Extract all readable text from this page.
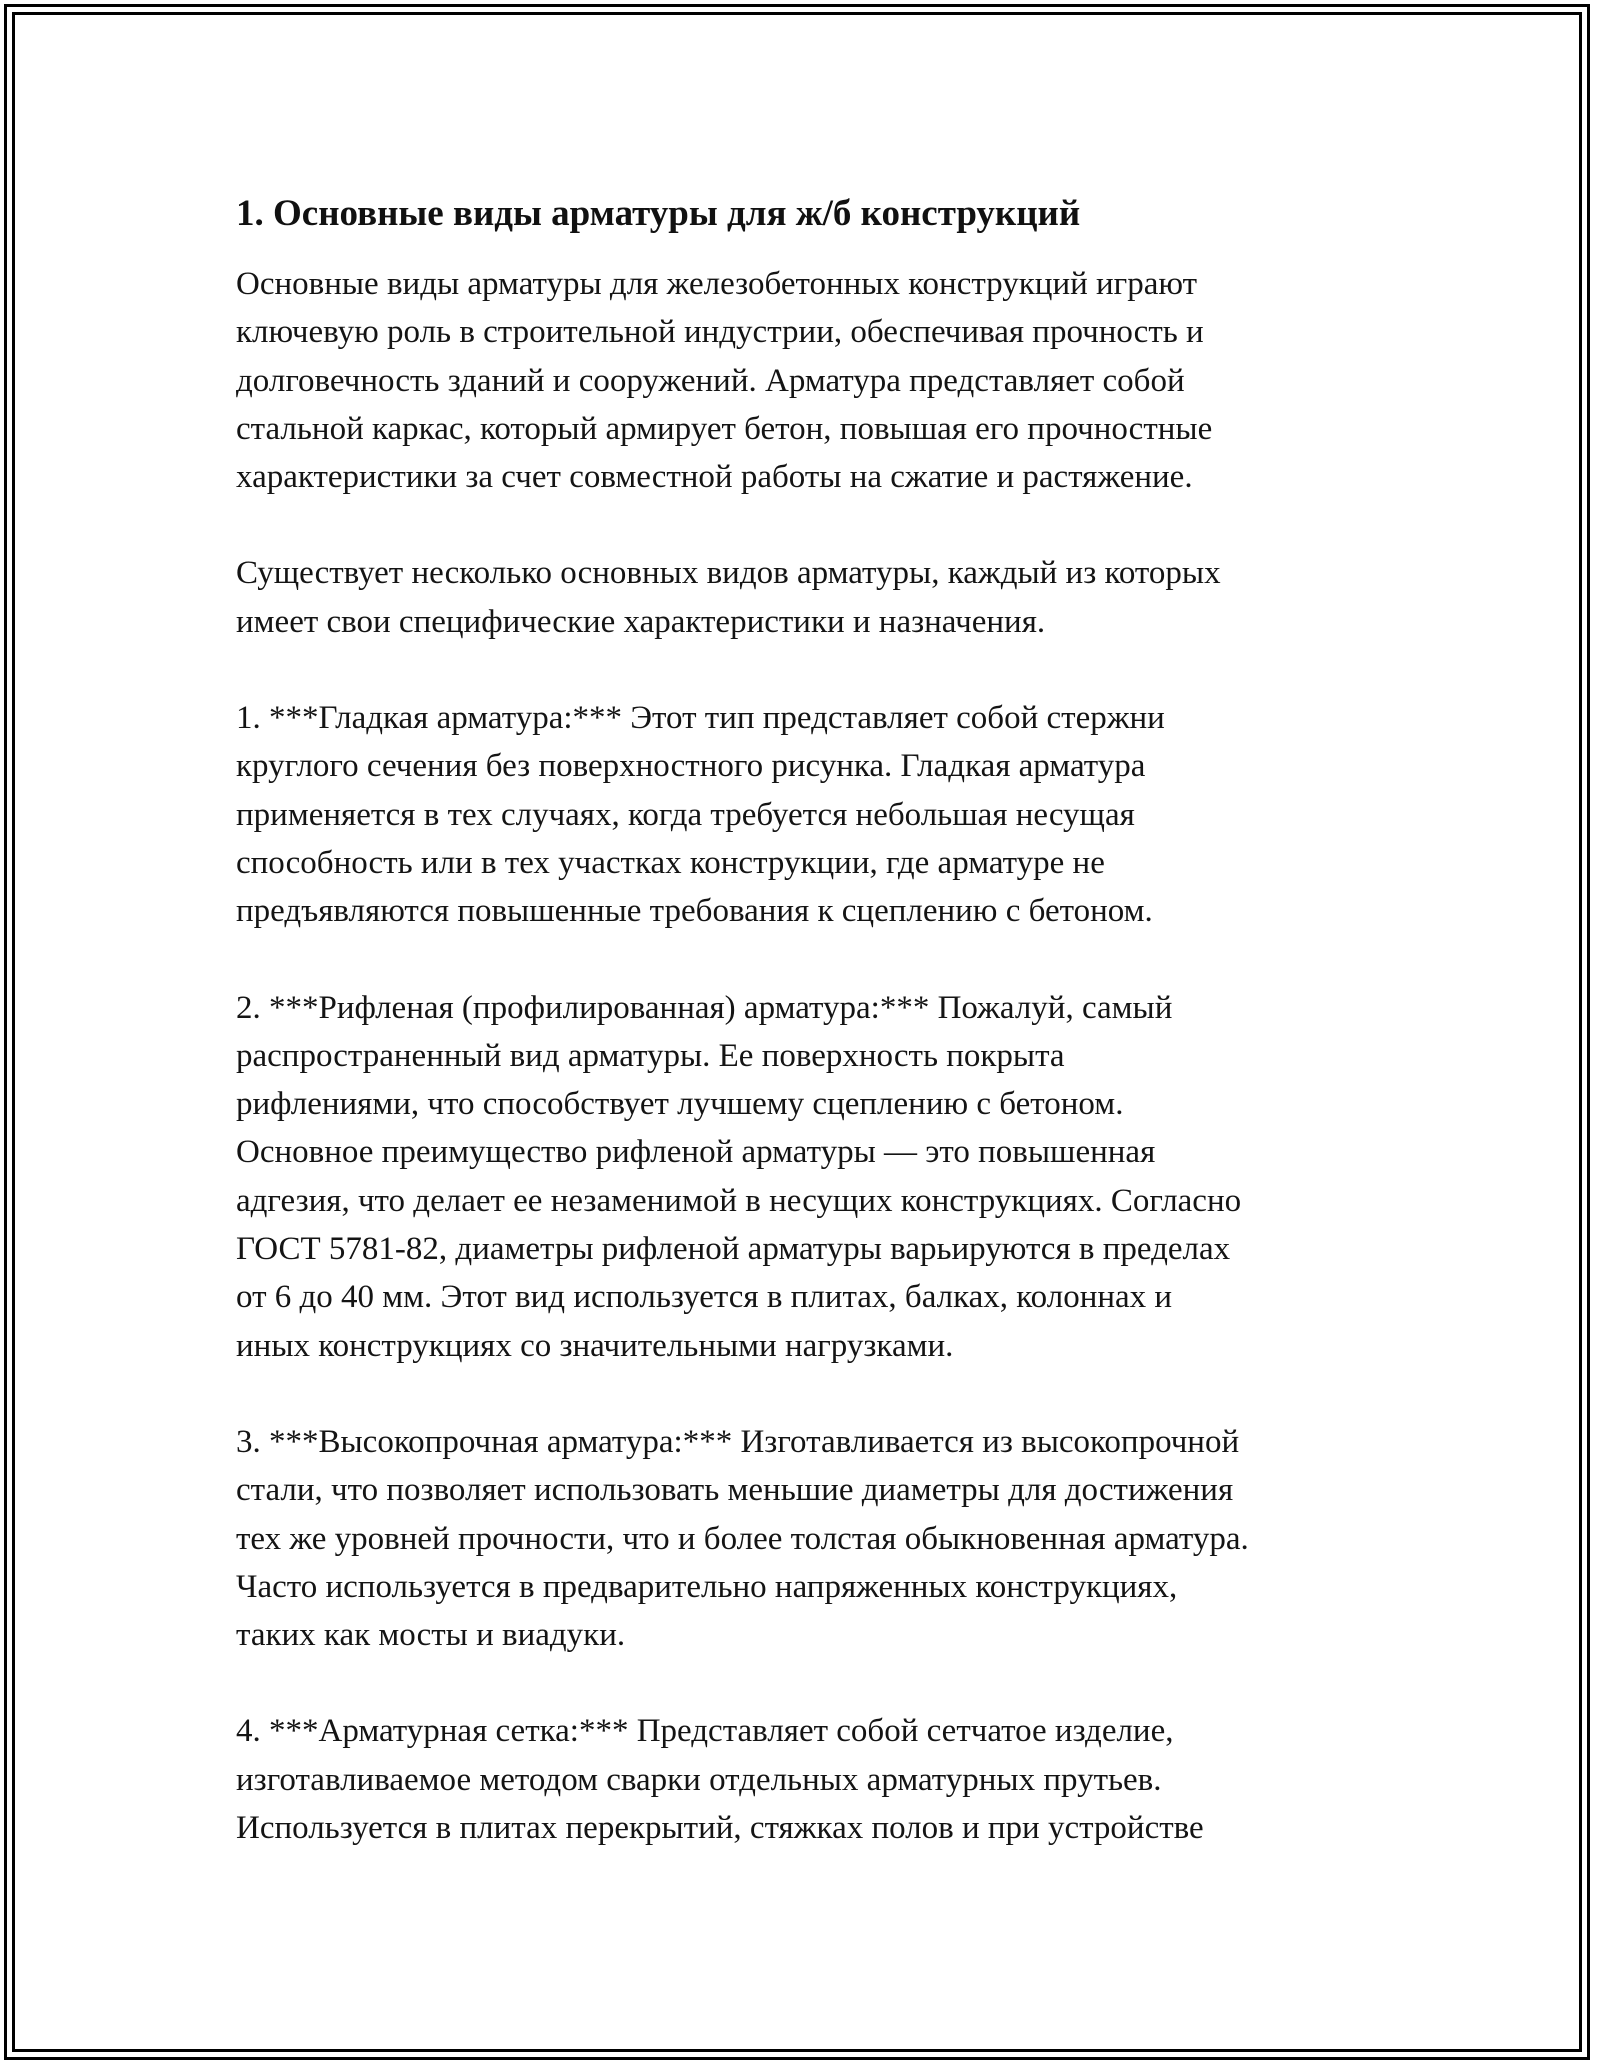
1. Основные виды арматуры для ж/б конструкций

Основные виды арматуры для железобетонных конструкций играют
ключевую роль в строительной индустрии, обеспечивая прочность и
долговечность зданий и сооружений. Арматура представляет собой
стальной каркас, который армирует бетон, повышая его прочностные
характеристики за счет совместной работы на сжатие и растяжение.

Существует несколько основных видов арматуры, каждый из которых
имеет свои специфические характеристики и назначения.

1. ***Гладкая арматура:*** Этот тип представляет собой стержни
круглого сечения без поверхностного рисунка. Гладкая арматура
применяется в тех случаях, когда требуется небольшая несущая
способность или в тех участках конструкции, где арматуре не
предъявляются повышенные требования к сцеплению с бетоном.

2. ***Рифленая (профилированная) арматура:*** Пожалуй, самый
распространенный вид арматуры. Ее поверхность покрыта
рифлениями, что способствует лучшему сцеплению с бетоном.
Основное преимущество рифленой арматуры — это повышенная
адгезия, что делает ее незаменимой в несущих конструкциях. Согласно
ГОСТ 5781-82, диаметры рифленой арматуры варьируются в пределах
от 6 до 40 мм. Этот вид используется в плитах, балках, колоннах и
иных конструкциях со значительными нагрузками.

3. ***Высокопрочная арматура:*** Изготавливается из высокопрочной
стали, что позволяет использовать меньшие диаметры для достижения
тех же уровней прочности, что и более толстая обыкновенная арматура.
Часто используется в предварительно напряженных конструкциях,
таких как мосты и виадуки.

4. ***Арматурная сетка:*** Представляет собой сетчатое изделие,
изготавливаемое методом сварки отдельных арматурных прутьев.
Используется в плитах перекрытий, стяжках полов и при устройстве
